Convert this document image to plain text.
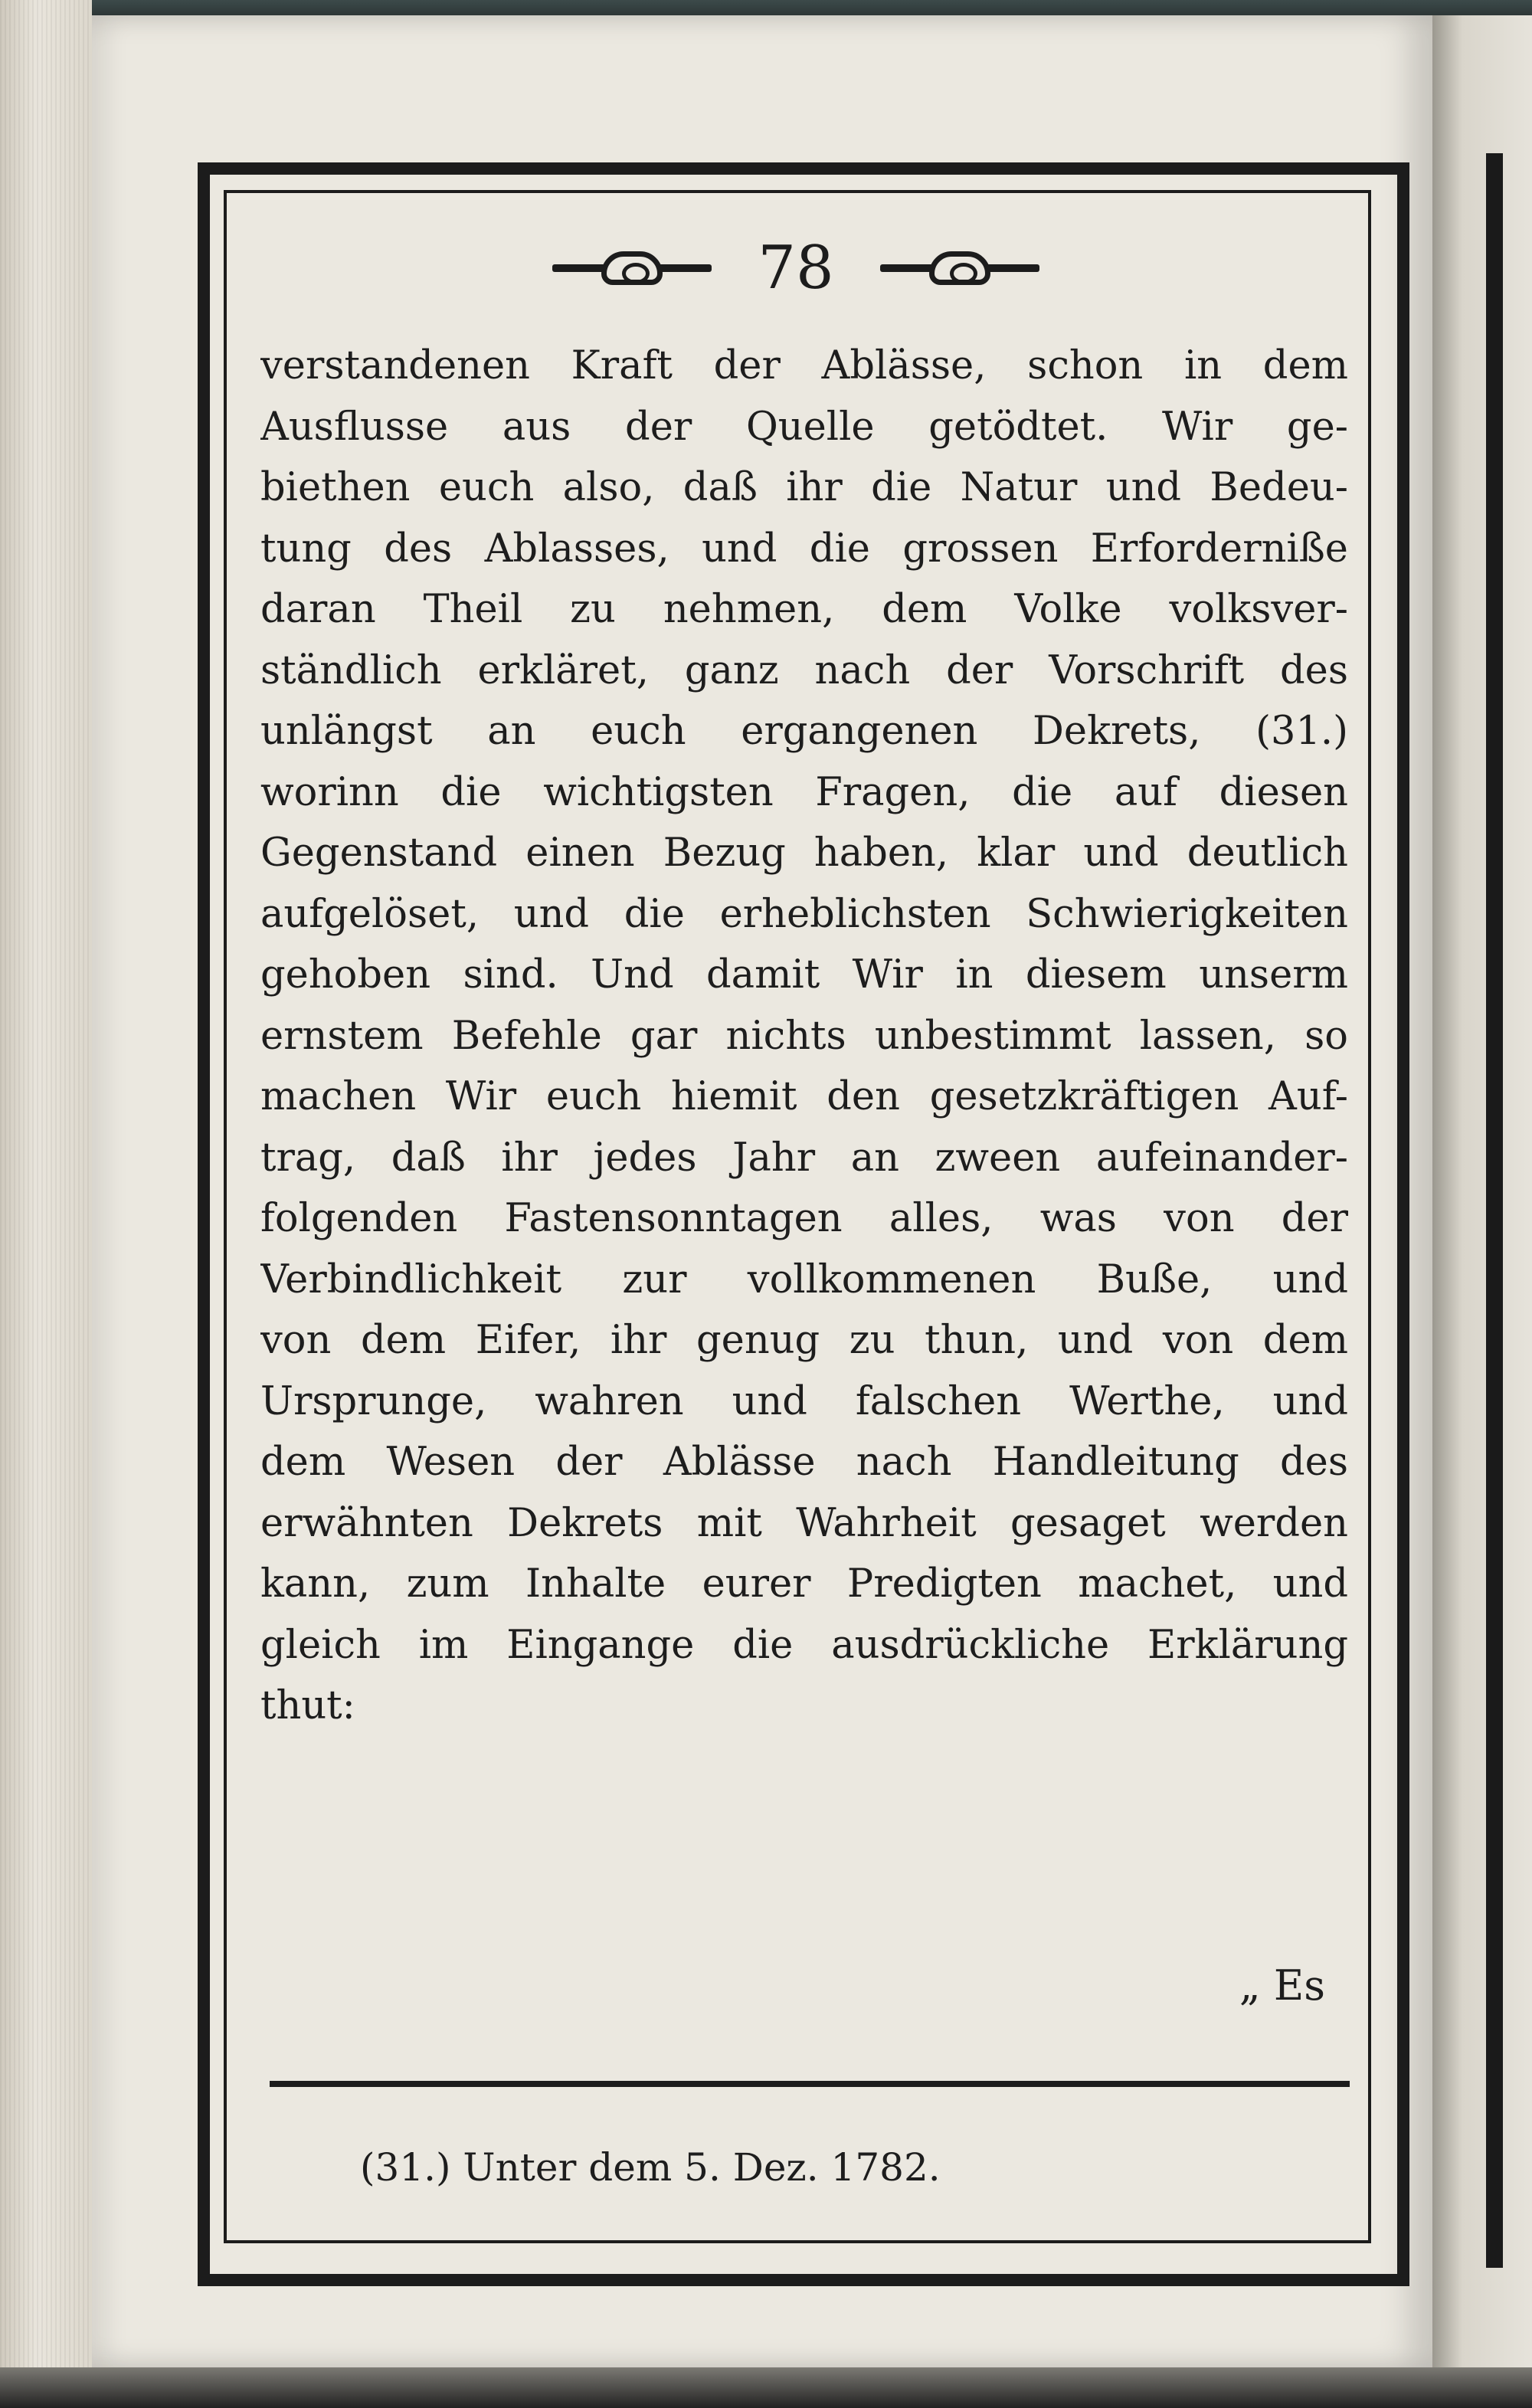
78
verstandenen Kraft der Ablässe, schon in dem
Ausflusse aus der Quelle getödtet. Wir ge-
biethen euch also, daß ihr die Natur und Bedeu-
tung des Ablasses, und die grossen Erforderniße
daran Theil zu nehmen, dem Volke volksver-
ständlich erkläret, ganz nach der Vorschrift des
unlängst an euch ergangenen Dekrets, (31.)
worinn die wichtigsten Fragen, die auf diesen
Gegenstand einen Bezug haben, klar und deutlich
aufgelöset, und die erheblichsten Schwierigkeiten
gehoben sind. Und damit Wir in diesem unserm
ernstem Befehle gar nichts unbestimmt lassen, so
machen Wir euch hiemit den gesetzkräftigen Auf-
trag, daß ihr jedes Jahr an zween aufeinander-
folgenden Fastensonntagen alles, was von der
Verbindlichkeit zur vollkommenen Buße, und
von dem Eifer, ihr genug zu thun, und von dem
Ursprunge, wahren und falschen Werthe, und
dem Wesen der Ablässe nach Handleitung des
erwähnten Dekrets mit Wahrheit gesaget werden
kann, zum Inhalte eurer Predigten machet, und
gleich im Eingange die ausdrückliche Erklärung
thut:
„ Es
(31.) Unter dem 5. Dez. 1782.
